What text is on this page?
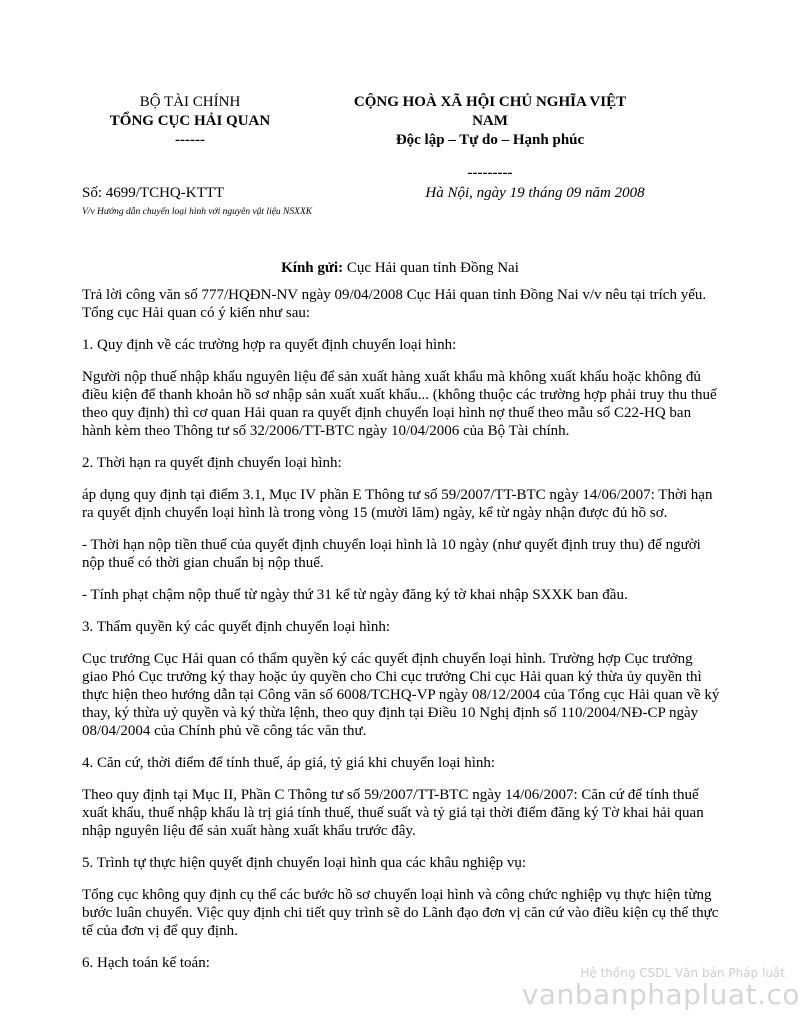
BỘ TÀI CHÍNH
TỔNG CỤC HẢI QUAN
------
CỘNG HOÀ XÃ HỘI CHỦ NGHĨA VIỆT
NAM
Độc lập – Tự do – Hạnh phúc
---------
Số: 4699/TCHQ-KTTT	Hà Nội, ngày 19 tháng 09 năm 2008
V/v Hướng dẫn chuyển loại hình với nguyên vật liệu NSXXK
Kính gửi: Cục Hải quan tỉnh Đồng Nai

Trả lời công văn số 777/HQĐN-NV ngày 09/04/2008 Cục Hải quan tỉnh Đồng Nai v/v nêu tại trích yếu. Tổng cục Hải quan có ý kiến như sau:

1. Quy định về các trường hợp ra quyết định chuyển loại hình:

Người nộp thuế nhập khẩu nguyên liệu để sản xuất hàng xuất khẩu mà không xuất khẩu hoặc không đủ điều kiện để thanh khoản hồ sơ nhập sản xuất xuất khẩu... (không thuộc các trường hợp phải truy thu thuế theo quy định) thì cơ quan Hải quan ra quyết định chuyển loại hình nợ thuế theo mẫu số C22-HQ ban hành kèm theo Thông tư số 32/2006/TT-BTC ngày 10/04/2006 của Bộ Tài chính.

2. Thời hạn ra quyết định chuyển loại hình:

áp dụng quy định tại điểm 3.1, Mục IV phần E Thông tư số 59/2007/TT-BTC ngày 14/06/2007: Thời hạn ra quyết định chuyển loại hình là trong vòng 15 (mười lăm) ngày, kể từ ngày nhận được đủ hồ sơ.

- Thời hạn nộp tiền thuế của quyết định chuyển loại hình là 10 ngày (như quyết định truy thu) để người nộp thuế có thời gian chuẩn bị nộp thuế.

- Tính phạt chậm nộp thuế từ ngày thứ 31 kể từ ngày đăng ký tờ khai nhập SXXK ban đầu.

3. Thẩm quyền ký các quyết định chuyển loại hình:

Cục trưởng Cục Hải quan có thẩm quyền ký các quyết định chuyển loại hình. Trường hợp Cục trưởng giao Phó Cục trưởng ký thay hoặc ủy quyền cho Chi cục trưởng Chi cục Hải quan ký thừa ủy quyền thì thực hiện theo hướng dẫn tại Công văn số 6008/TCHQ-VP ngày 08/12/2004 của Tổng cục Hải quan về ký thay, ký thừa uỷ quyền và ký thừa lệnh, theo quy định tại Điều 10 Nghị định số 110/2004/NĐ-CP ngày 08/04/2004 của Chính phủ về công tác văn thư.

4. Căn cứ, thời điểm để tính thuế, áp giá, tỷ giá khi chuyển loại hình:

Theo quy định tại Mục II, Phần C Thông tư số 59/2007/TT-BTC ngày 14/06/2007: Căn cứ để tính thuế xuất khẩu, thuế nhập khẩu là trị giá tính thuế, thuế suất và tỷ giá tại thời điểm đăng ký Tờ khai hải quan nhập nguyên liệu để sản xuất hàng xuất khẩu trước đây.

5. Trình tự thực hiện quyết định chuyển loại hình qua các khâu nghiệp vụ:

Tổng cục không quy định cụ thể các bước hồ sơ chuyển loại hình và công chức nghiệp vụ thực hiện từng bước luân chuyển. Việc quy định chi tiết quy trình sẽ do Lãnh đạo đơn vị căn cứ vào điều kiện cụ thể thực tế của đơn vị để quy định.

6. Hạch toán kế toán:

Hệ thống CSDL Văn bản Pháp luật
vanbanphapluat.co
